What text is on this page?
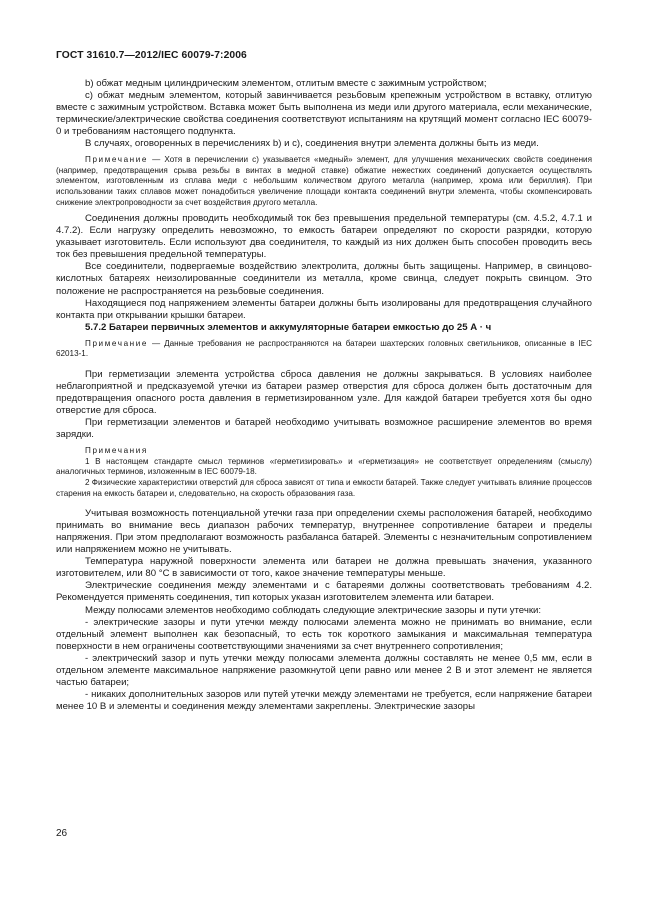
ГОСТ 31610.7—2012/IEC 60079-7:2006

b) обжат медным цилиндрическим элементом, отлитым вместе с зажимным устройством;

c) обжат медным элементом, который завинчивается резьбовым крепежным устройством в вставку, отлитую вместе с зажимным устройством. Вставка может быть выполнена из меди или другого материала, если механические, термические/электрические свойства соединения соответствуют испытаниям на крутящий момент согласно IEC 60079-0 и требованиям настоящего подпункта.

В случаях, оговоренных в перечислениях b) и c), соединения внутри элемента должны быть из меди.

Примечание — Хотя в перечислении c) указывается «медный» элемент, для улучшения механических свойств соединения (например, предотвращения срыва резьбы в винтах в медной ставке) обжатие нежестких соединений допускается осуществлять элементом, изготовленным из сплава меди с небольшим количеством другого металла (например, хрома или бериллия). При использовании таких сплавов может понадобиться увеличение площади контакта соединений внутри элемента, чтобы скомпенсировать снижение электропроводности за счет воздействия другого металла.

Соединения должны проводить необходимый ток без превышения предельной температуры (см. 4.5.2, 4.7.1 и 4.7.2). Если нагрузку определить невозможно, то емкость батареи определяют по скорости разрядки, которую указывает изготовитель. Если используют два соединителя, то каждый из них должен быть способен проводить весь ток без превышения предельной температуры.

Все соединители, подвергаемые воздействию электролита, должны быть защищены. Например, в свинцово-кислотных батареях неизолированные соединители из металла, кроме свинца, следует покрыть свинцом. Это положение не распространяется на резьбовые соединения.

Находящиеся под напряжением элементы батареи должны быть изолированы для предотвращения случайного контакта при открывании крышки батареи.

5.7.2 Батареи первичных элементов и аккумуляторные батареи емкостью до 25 А · ч

Примечание — Данные требования не распространяются на батареи шахтерских головных светильников, описанные в IEC 62013-1.

При герметизации элемента устройства сброса давления не должны закрываться. В условиях наиболее неблагоприятной и предсказуемой утечки из батареи размер отверстия для сброса должен быть достаточным для предотвращения опасного роста давления в герметизированном узле. Для каждой батареи требуется хотя бы одно отверстие для сброса.

При герметизации элементов и батарей необходимо учитывать возможное расширение элементов во время зарядки.

Примечания

1 В настоящем стандарте смысл терминов «герметизировать» и «герметизация» не соответствует определениям (смыслу) аналогичных терминов, изложенным в IEC 60079-18.

2 Физические характеристики отверстий для сброса зависят от типа и емкости батарей. Также следует учитывать влияние процессов старения на емкость батареи и, следовательно, на скорость образования газа.

Учитывая возможность потенциальной утечки газа при определении схемы расположения батарей, необходимо принимать во внимание весь диапазон рабочих температур, внутреннее сопротивление батареи и пределы напряжения. При этом предполагают возможность разбаланса батарей. Элементы с незначительным сопротивлением или напряжением можно не учитывать.

Температура наружной поверхности элемента или батареи не должна превышать значения, указанного изготовителем, или 80 °С в зависимости от того, какое значение температуры меньше.

Электрические соединения между элементами и с батареями должны соответствовать требованиям 4.2. Рекомендуется применять соединения, тип которых указан изготовителем элемента или батареи.

Между полюсами элементов необходимо соблюдать следующие электрические зазоры и пути утечки:

- электрические зазоры и пути утечки между полюсами элемента можно не принимать во внимание, если отдельный элемент выполнен как безопасный, то есть ток короткого замыкания и максимальная температура поверхности в нем ограничены соответствующими значениями за счет внутреннего сопротивления;

- электрический зазор и путь утечки между полюсами элемента должны составлять не менее 0,5 мм, если в отдельном элементе максимальное напряжение разомкнутой цепи равно или менее 2 В и этот элемент не является частью батареи;

- никаких дополнительных зазоров или путей утечки между элементами не требуется, если напряжение батареи менее 10 В и элементы и соединения между элементами закреплены. Электрические зазоры

26
